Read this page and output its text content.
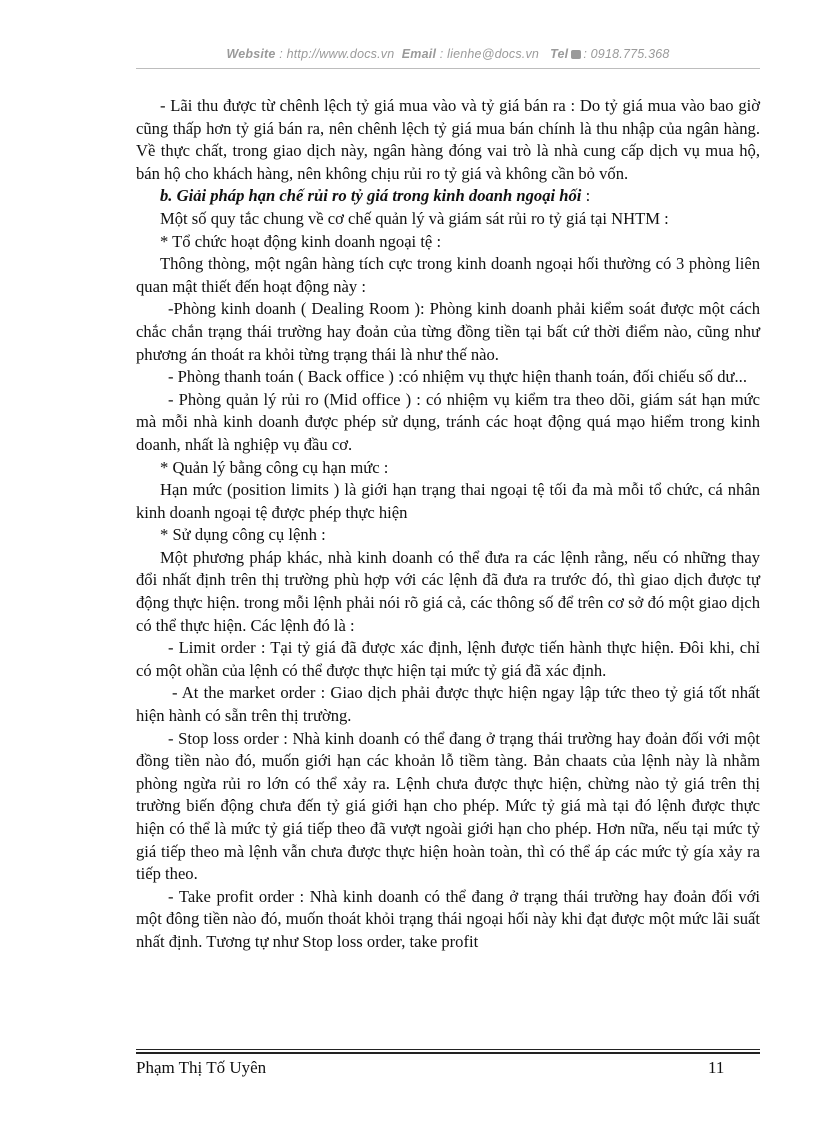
Website : http://www.docs.vn Email : lienhe@docs.vn Tel : 0918.775.368

- Lãi thu được từ chênh lệch tỷ giá mua vào và tỷ giá bán ra : Do tỷ giá mua vào bao giờ cũng thấp hơn tỷ giá bán ra, nên chênh lệch tỷ giá mua bán chính là thu nhập của ngân hàng. Về thực chất, trong giao dịch này, ngân hàng đóng vai trò là nhà cung cấp dịch vụ mua hộ, bán hộ cho khách hàng, nên không chịu rủi ro tỷ giá và không cần bỏ vốn.

b. Giải pháp hạn chế rủi ro tỷ giá trong kinh doanh ngoại hối :

Một số quy tắc chung về cơ chế quản lý và giám sát rủi ro tỷ giá tại NHTM :

* Tổ chức hoạt động kinh doanh ngoại tệ :

Thông thòng, một ngân hàng tích cực trong kinh doanh ngoại hối thường có 3 phòng liên quan mật thiết đến hoạt động này :

-Phòng kinh doanh ( Dealing Room ): Phòng kinh doanh phải kiểm soát được một cách chắc chắn trạng thái trường hay đoản của từng đồng tiền tại bất cứ thời điểm nào, cũng như phương án thoát ra khỏi từng trạng thái là như thế nào.

- Phòng thanh toán ( Back office ) :có nhiệm vụ thực hiện thanh toán, đối chiếu số dư...

- Phòng quản lý rủi ro (Mid office ) : có nhiệm vụ kiểm tra theo dõi, giám sát hạn mức mà mỗi nhà kinh doanh được phép sử dụng, tránh các hoạt động quá mạo hiểm trong kinh doanh, nhất là nghiệp vụ đầu cơ.

* Quản lý bằng công cụ hạn mức :

Hạn mức (position limits ) là giới hạn trạng thai ngoại tệ tối đa mà mỗi tổ chức, cá nhân kinh doanh ngoại tệ được phép thực hiện

* Sử dụng công cụ lệnh :

Một phương pháp khác, nhà kinh doanh có thể đưa ra các lệnh rằng, nếu có những thay đổi nhất định trên thị trường phù hợp với các lệnh đã đưa ra trước đó, thì giao dịch được tự động thực hiện. trong mỗi lệnh phải nói rõ giá cả, các thông số để trên cơ sở đó một giao dịch có thể thực hiện. Các lệnh đó là :

- Limit order : Tại tỷ giá đã được xác định, lệnh được tiến hành thực hiện. Đôi khi, chỉ có một ohần của lệnh có thể được thực hiện tại mức tỷ giá đã xác định.

- At the market order : Giao dịch phải được thực hiện ngay lập tức theo tỷ giá tốt nhất hiện hành có sẵn trên thị trường.

- Stop loss order : Nhà kinh doanh có thể đang ở trạng thái trường hay đoản đối với một đồng tiền nào đó, muốn giới hạn các khoản lỗ tiềm tàng. Bản chaats của lệnh này là nhằm phòng ngừa rủi ro lớn có thể xảy ra. Lệnh chưa được thực hiện, chừng nào tỷ giá trên thị trường biến động chưa đến tỷ giá giới hạn cho phép. Mức tỷ giá mà tại đó lệnh được thực hiện có thể là mức tỷ giá tiếp theo đã vượt ngoài giới hạn cho phép. Hơn nữa, nếu tại mức tỷ giá tiếp theo mà lệnh vẫn chưa được thực hiện hoàn toàn, thì có thể áp các mức tỷ gía xảy ra tiếp theo.

- Take profit order : Nhà kinh doanh có thể đang ở trạng thái trường hay đoản đối với một đông tiền nào đó, muốn thoát khỏi trạng thái ngoại hối này khi đạt được một mức lãi suất nhất định. Tương tự như Stop loss order, take profit

Phạm Thị Tố Uyên	11
